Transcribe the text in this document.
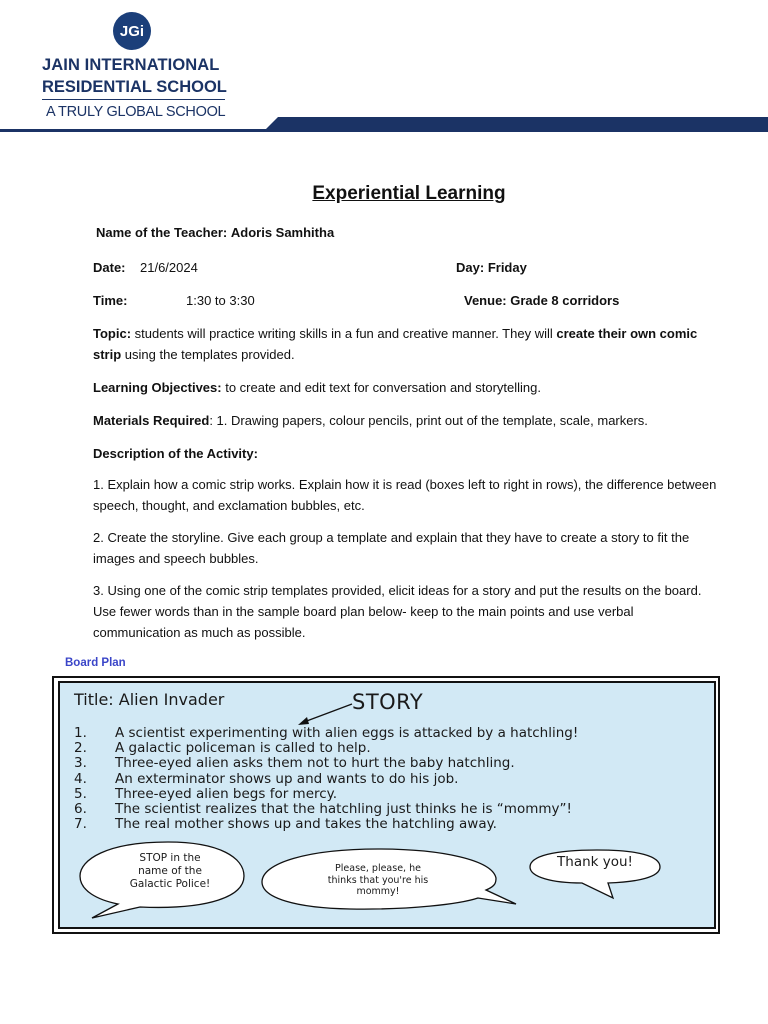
JGi
JAIN INTERNATIONAL
RESIDENTIAL SCHOOL
A TRULY GLOBAL SCHOOL
Experiential Learning
Name of the Teacher: Adoris Samhitha
Date: 21/6/2024	Day: Friday
Time:	1:30 to 3:30	Venue: Grade 8 corridors
Topic: students will practice writing skills in a fun and creative manner. They will create their own comic strip using the templates provided.
Learning Objectives: to create and edit text for conversation and storytelling.
Materials Required: 1. Drawing papers, colour pencils, print out of the template, scale, markers.
Description of the Activity:
1. Explain how a comic strip works. Explain how it is read (boxes left to right in rows), the difference between speech, thought, and exclamation bubbles, etc.
2. Create the storyline. Give each group a template and explain that they have to create a story to fit the images and speech bubbles.
3. Using one of the comic strip templates provided, elicit ideas for a story and put the results on the board. Use fewer words than in the sample board plan below- keep to the main points and use verbal communication as much as possible.
Board Plan
Title: Alien Invader	STORY
1.	A scientist experimenting with alien eggs is attacked by a hatchling!
2.	A galactic policeman is called to help.
3.	Three-eyed alien asks them not to hurt the baby hatchling.
4.	An exterminator shows up and wants to do his job.
5.	Three-eyed alien begs for mercy.
6.	The scientist realizes that the hatchling just thinks he is “mommy”!
7.	The real mother shows up and takes the hatchling away.
STOP in the
name of the
Galactic Police!
Please, please, he
thinks that you're his
mommy!
Thank you!
